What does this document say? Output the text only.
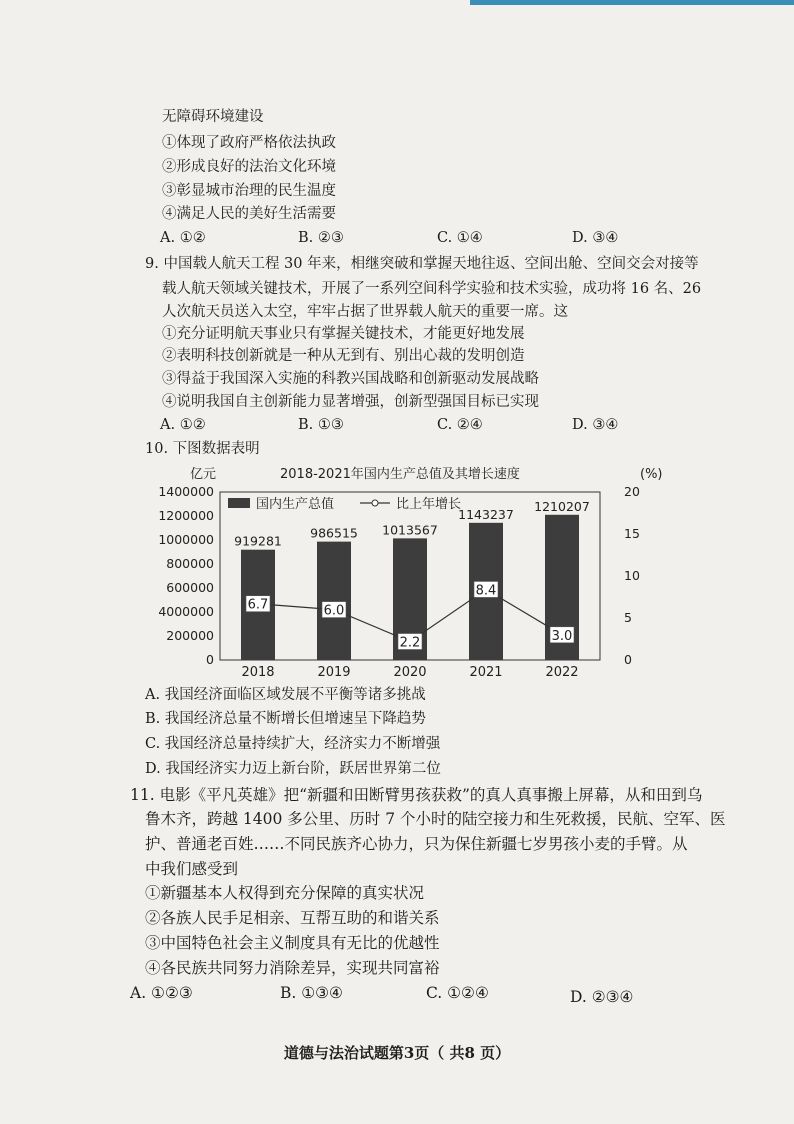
无障碍环境建设
①体现了政府严格依法执政
②形成良好的法治文化环境
③彰显城市治理的民生温度
④满足人民的美好生活需要
A. ①②	B. ②③	C. ①④	D. ③④
9. 中国载人航天工程 30 年来，相继突破和掌握天地往返、空间出舱、空间交会对接等
载人航天领域关键技术，开展了一系列空间科学实验和技术实验，成功将 16 名、26
人次航天员送入太空，牢牢占据了世界载人航天的重要一席。这
①充分证明航天事业只有掌握关键技术，才能更好地发展
②表明科技创新就是一种从无到有、别出心裁的发明创造
③得益于我国深入实施的科教兴国战略和创新驱动发展战略
④说明我国自主创新能力显著增强，创新型强国目标已实现
A. ①②	B. ①③	C. ②④	D. ③④
10. 下图数据表明
亿元	(%)
2018-2021年国内生产总值及其增长速度
1400000
1200000
1000000
800000
600000
4000000
200000
0
20
15
10
5
0
919281
986515 1013567
1143237
1210207
6.7	6.0
2.2
8.4
3.0
2018	2019	2020	2021	2022
国内生产总值	比上年增长
A. 我国经济面临区域发展不平衡等诸多挑战
B. 我国经济总量不断增长但增速呈下降趋势
C. 我国经济总量持续扩大，经济实力不断增强
D. 我国经济实力迈上新台阶，跃居世界第二位
11. 电影《平凡英雄》把“新疆和田断臂男孩获救”的真人真事搬上屏幕，从和田到乌
鲁木齐，跨越 1400 多公里、历时 7 个小时的陆空接力和生死救援，民航、空军、医
护、普通老百姓……不同民族齐心协力，只为保住新疆七岁男孩小麦的手臂。从
中我们感受到
①新疆基本人权得到充分保障的真实状况
②各族人民手足相亲、互帮互助的和谐关系
③中国特色社会主义制度具有无比的优越性
④各民族共同努力消除差异，实现共同富裕
A. ①②③	B. ①③④	C. ①②④	D. ②③④
道德与法治试题第3页（ 共8 页）
